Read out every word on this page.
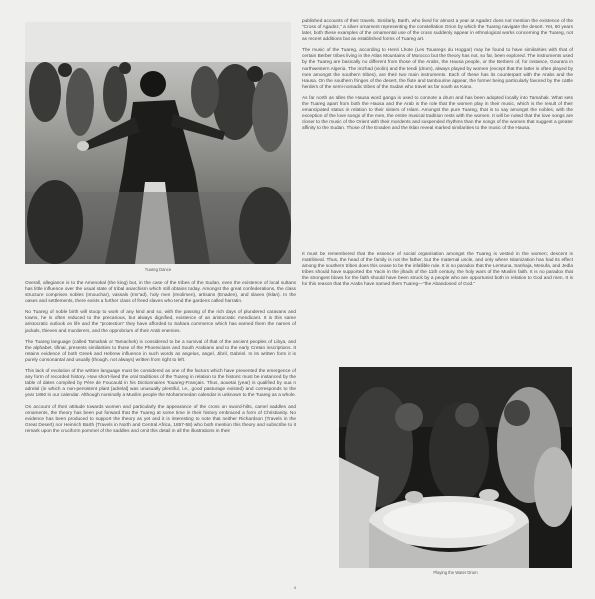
Tuareg Dance

Overall, allegiance is to the Amenokal (the king) but, in the case of the tribes of the Sudan, even the existence of local sultans has little influence over the usual state of tribal anarchism which still obtains today. Amongst the great confederations, the class structure comprises nobles (Imouchar), vassals (Imr'ad), holy men (Imolimen), artisans (Enaden), and slaves (Iklan). In the oases and settlements, there exists a further class of freed slaves who tend the gardens called harratin.

No Tuareg of noble birth will stoop to work of any kind and so, with the passing of the rich days of plundered caravans and towns, he is often reduced to the precarious, but always dignified, existence of an aristocratic mendicant. It is this same aristocratic outlook on life and the "protection" they have afforded to Sahara commerce which has earned them the names of jackals, thieves and murderers, and the opprobrium of their Arab enemies.

The Tuareg language (called Tamahak or Tamachek) is considered to be a survival of that of the ancient peoples of Libya, and the alphabet, tifinar, presents similarities to those of the Phoenicians and South Arabians and to the early Cretan inscriptions. It retains evidence of both Greek and Hebrew influence in such words as angelus, angel, Jibril, Gabriel. In its written form it is purely consonantal and usually (though, not always) written from right to left.

This lack of evolution of the written language must be considered as one of the factors which have prevented the emergence of any form of recorded history. How short-lived the oral traditions of the Tuareg in relation to the historic must be instanced by the table of dates compiled by Père de Foucauld in his Dictionnaires Touareg-Français. Thus, aouetai (year) is qualified by oua n adrelal (in which a non-persistent plant [adrelal] was unusually plentiful, i.e., good pasturage existed) and corresponds to the year 1860 in our calendar. Although nominally a Muslim people the Mohammedan calendar is unknown to the Tuareg as a whole.

On account of their attitude towards women and particularly the appearance of the cross on sword-hilts, camel saddles and ornaments, the theory has been put forward that the Tuareg at some time in their history embraced a form of Christianity. No evidence has been produced to support the theory as yet and it is interesting to note that neither Richardson (Travels in the Great Desert) nor Heinrich Barth (Travels in North and Central Africa, 1857-58) who both mention this theory and subscribe to it remark upon the cruciform pommel of the saddles and omit this detail in all the illustrations in their

published accounts of their travels. Similarly, Barth, who lived for almost a year at Agadez does not mention the existence of the "Cross of Agadez," a silver ornament representing the constellation Orion by which the Tuareg navigate the desert. Yet, 60 years later, both these examples of the ornamental use of the cross suddenly appear in ethnological works concerning the Tuareg, not as recent additions but as established forms of Tuareg art.

The music of the Tuareg, according to Henri Lhote (Les Touaregs du Hoggar) may be found to have similarities with that of certain Berber tribes living in the Atlas Mountains of Morocco but the theory has not, so far, been explored. The instruments used by the Tuareg are basically no different from those of the Arabs, the Hausa people, or the Berbers of, for instance, Gourara in northwestern Algeria. The imzhad (violin) and the tendi (drum), always played by women (except that the latter is often played by men amongst the southern tribes), are their two main instruments. Each of these has its counterpart with the Arabs and the Hausa. On the southern fringes of the desert, the flute and tambourine appear, the former being particularly favored by the cattle herders of the semi-nomadic tribes of the Sudan who travel as far south as Kano.

As far north as Idles the Hausa word ganga is used to connote a drum and has been adopted locally into Tamahak. What sets the Tuareg apart from both the Hausa and the Arab is the role that the women play in their music, which is the result of their emancipated status in relation to their sisters of Islam. Amongst the pure Tuareg, that is to say amongst the nobles, with the exception of the love songs of the men, the entire musical tradition rests with the women. It will be noted that the love songs are closer to the music of the Orient with their mordents and suspended rhythms than the songs of the women that suggest a greater affinity to the Sudan. Those of the Enaden and the Iklan reveal marked similarities to the music of the Hausa.

It must be remembered that the essence of social organisation amongst the Tuareg is vested in the women; descent is matrilineal. Thus, the head of the family is not the father, but the maternal uncle, and only where Islamization has had its effect among the southern tribes does this cease to be the infallible rule. It is no paradox that the Lemtuna, Sanhaja, Mesufa, and Jedla tribes should have supported Ibn Yacin in the jihads of the 11th century, the holy wars of the Muslim faith. It is no paradox that the strongest blows for the faith should have been struck by a people who are opportunist both in relation to God and men. It is for this reason that the Arabs have named them Tuareg—"the Abandoned of God."

Playing the Water Drum
8
